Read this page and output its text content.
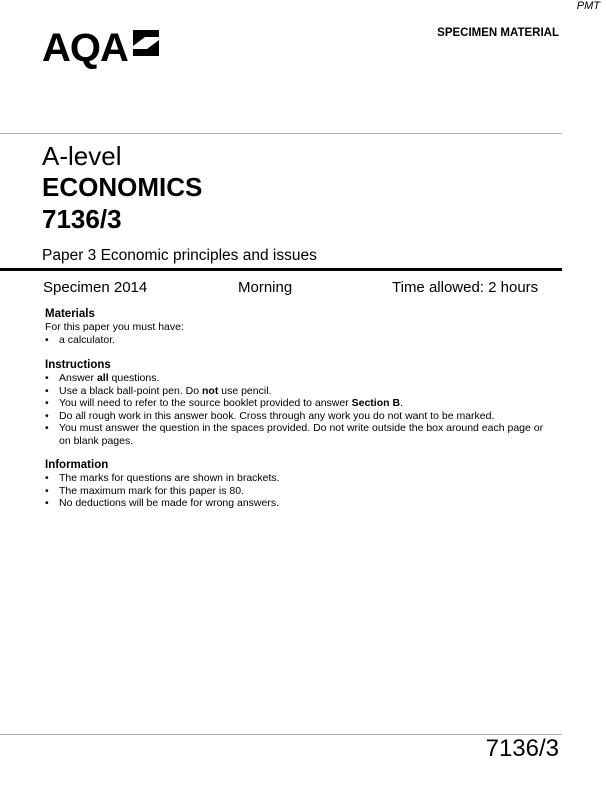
PMT
AQA	SPECIMEN MATERIAL
A-level
ECONOMICS
7136/3
Paper 3 Economic principles and issues
Specimen 2014	Morning	Time allowed: 2 hours
Materials
For this paper you must have:
• a calculator.
Instructions
• Answer all questions.
• Use a black ball-point pen. Do not use pencil.
• You will need to refer to the source booklet provided to answer Section B.
• Do all rough work in this answer book. Cross through any work you do not want to be marked.
• You must answer the question in the spaces provided. Do not write outside the box around each page or on blank pages.
Information
• The marks for questions are shown in brackets.
• The maximum mark for this paper is 80.
• No deductions will be made for wrong answers.
7136/3
